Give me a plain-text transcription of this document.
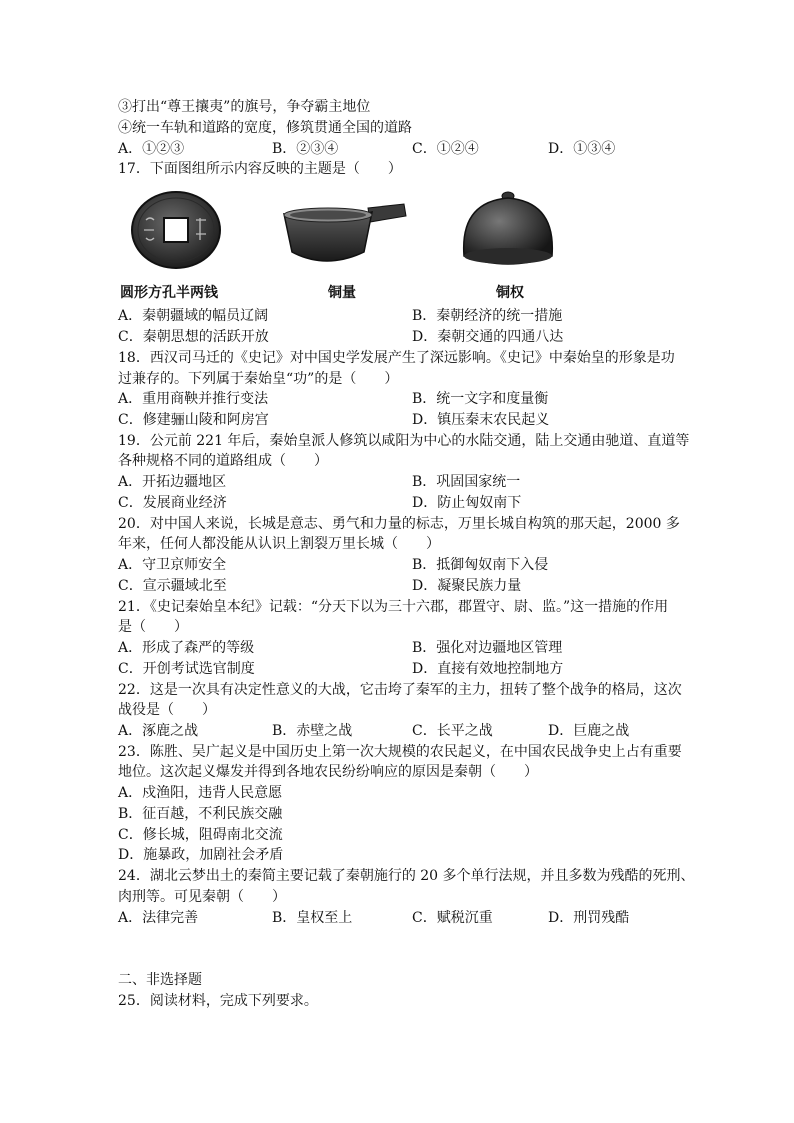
③打出“尊王攘夷”的旗号，争夺霸主地位
④统一车轨和道路的宽度，修筑贯通全国的道路
A．①②③	B．②③④	C．①②④	D．①③④
17．下面图组所示内容反映的主题是（　　）
圆形方孔半两钱	铜量	铜权
A．秦朝疆域的幅员辽阔	B．秦朝经济的统一措施
C．秦朝思想的活跃开放	D．秦朝交通的四通八达
18．西汉司马迁的《史记》对中国史学发展产生了深远影响。《史记》中秦始皇的形象是功
过兼存的。下列属于秦始皇“功”的是（　　）
A．重用商鞅并推行变法	B．统一文字和度量衡
C．修建骊山陵和阿房宫	D．镇压秦末农民起义
19．公元前 221 年后，秦始皇派人修筑以咸阳为中心的水陆交通，陆上交通由驰道、直道等
各种规格不同的道路组成（　　）
A．开拓边疆地区	B．巩固国家统一
C．发展商业经济	D．防止匈奴南下
20．对中国人来说，长城是意志、勇气和力量的标志，万里长城自构筑的那天起，2000 多
年来，任何人都没能从认识上割裂万里长城（　　）
A．守卫京师安全	B．抵御匈奴南下入侵
C．宣示疆域北至	D．凝聚民族力量
21．《史记秦始皇本纪》记载：“分天下以为三十六郡，郡置守、尉、监。”这一措施的作用
是（　　）
A．形成了森严的等级	B．强化对边疆地区管理
C．开创考试选官制度	D．直接有效地控制地方
22．这是一次具有决定性意义的大战，它击垮了秦军的主力，扭转了整个战争的格局，这次
战役是（　　）
A．涿鹿之战	B．赤壁之战	C．长平之战	D．巨鹿之战
23．陈胜、吴广起义是中国历史上第一次大规模的农民起义，在中国农民战争史上占有重要
地位。这次起义爆发并得到各地农民纷纷响应的原因是秦朝（　　）
A．戍渔阳，违背人民意愿
B．征百越，不利民族交融
C．修长城，阻碍南北交流
D．施暴政，加剧社会矛盾
24．湖北云梦出土的秦简主要记载了秦朝施行的 20 多个单行法规，并且多数为残酷的死刑、
肉刑等。可见秦朝（　　）
A．法律完善	B．皇权至上	C．赋税沉重	D．刑罚残酷
二、非选择题
25．阅读材料，完成下列要求。
